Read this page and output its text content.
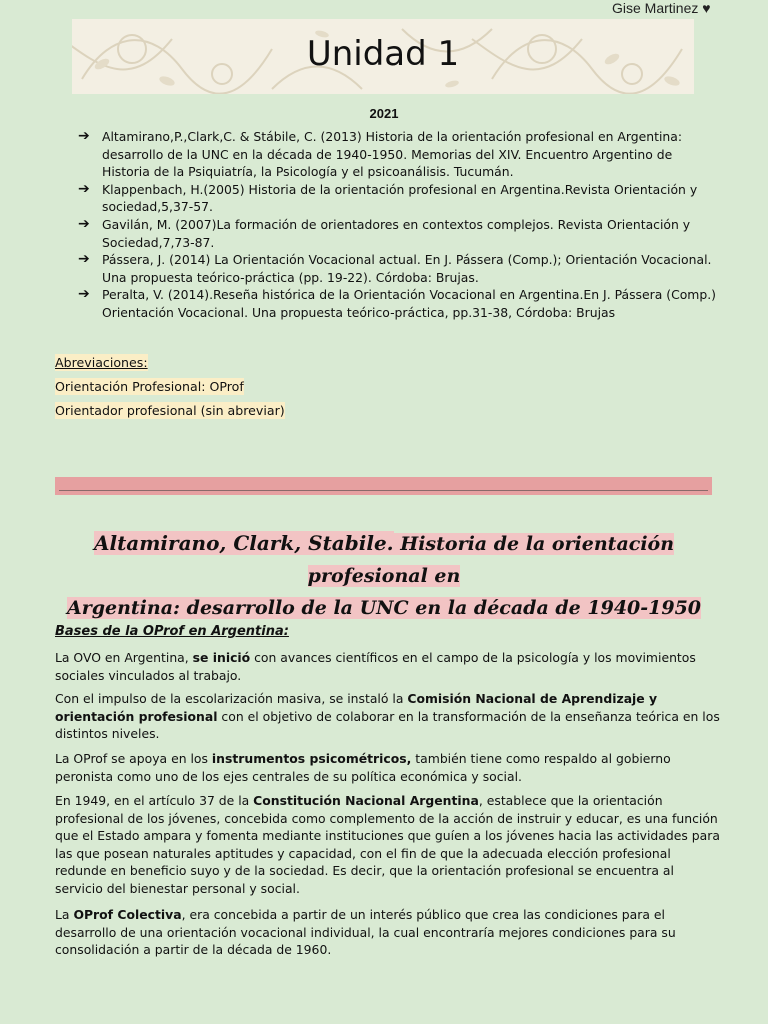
Gise Martinez ♥
Unidad 1
2021
➔ Altamirano,P.,Clark,C. & Stábile, C. (2013) Historia de la orientación profesional en Argentina: desarrollo de la UNC en la década de 1940-1950. Memorias del XIV. Encuentro Argentino de Historia de la Psiquiatría, la Psicología y el psicoanálisis. Tucumán.
➔ Klappenbach, H.(2005) Historia de la orientación profesional en Argentina.Revista Orientación y sociedad,5,37-57.
➔ Gavilán, M. (2007)La formación de orientadores en contextos complejos. Revista Orientación y Sociedad,7,73-87.
➔ Pássera, J. (2014) La Orientación Vocacional actual. En J. Pássera (Comp.); Orientación Vocacional. Una propuesta teórico-práctica (pp. 19-22). Córdoba: Brujas.
➔ Peralta, V. (2014).Reseña histórica de la Orientación Vocacional en Argentina.En J. Pássera (Comp.) Orientación Vocacional. Una propuesta teórico-práctica, pp.31-38, Córdoba: Brujas
Abreviaciones:
Orientación Profesional: OProf
Orientador profesional (sin abreviar)
Altamirano, Clark, Stabile. Historia de la orientación profesional en
Argentina: desarrollo de la UNC en la década de 1940-1950
Bases de la OProf en Argentina:

La OVO en Argentina, se inició con avances científicos en el campo de la psicología y los movimientos sociales vinculados al trabajo.

Con el impulso de la escolarización masiva, se instaló la Comisión Nacional de Aprendizaje y orientación profesional con el objetivo de colaborar en la transformación de la enseñanza teórica en los distintos niveles.

La OProf se apoya en los instrumentos psicométricos, también tiene como respaldo al gobierno peronista como uno de los ejes centrales de su política económica y social.

En 1949, en el artículo 37 de la Constitución Nacional Argentina, establece que la orientación profesional de los jóvenes, concebida como complemento de la acción de instruir y educar, es una función que el Estado ampara y fomenta mediante instituciones que guíen a los jóvenes hacia las actividades para las que posean naturales aptitudes y capacidad, con el fin de que la adecuada elección profesional redunde en beneficio suyo y de la sociedad. Es decir, que la orientación profesional se encuentra al servicio del bienestar personal y social.

La OProf Colectiva, era concebida a partir de un interés público que crea las condiciones para el desarrollo de una orientación vocacional individual, la cual encontraría mejores condiciones para su consolidación a partir de la década de 1960.
